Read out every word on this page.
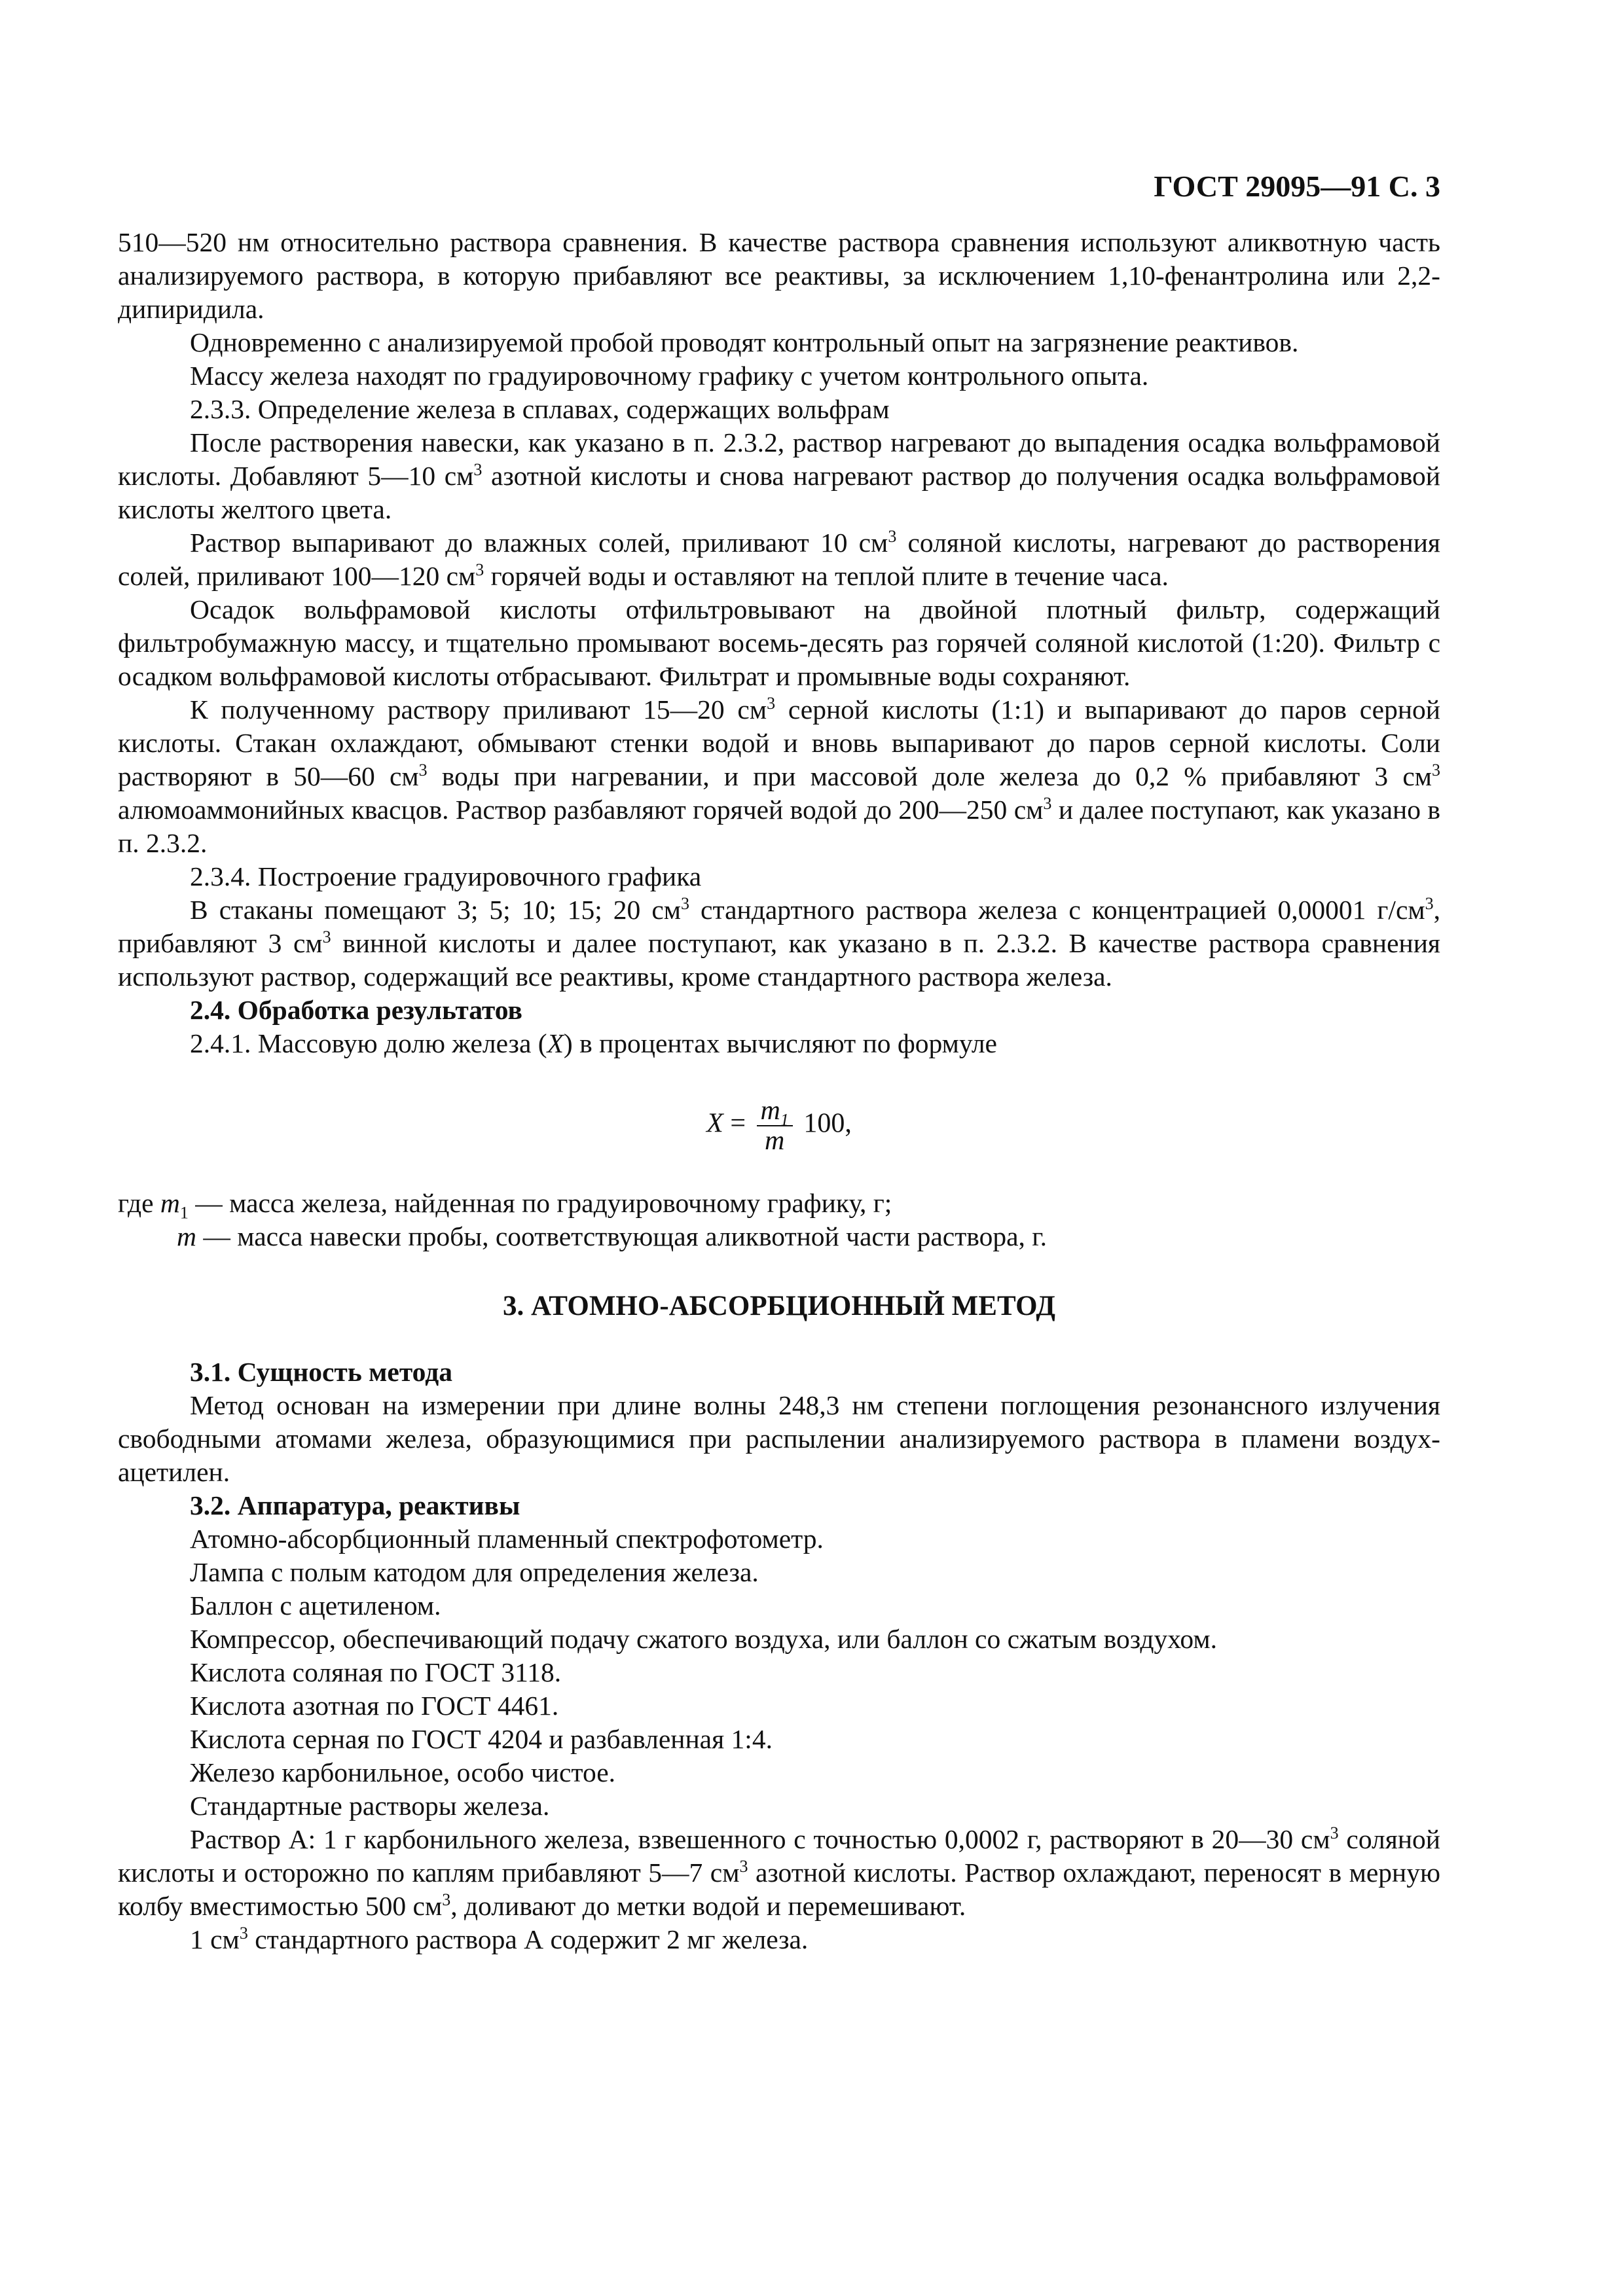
ГОСТ 29095—91 С. 3

510—520 нм относительно раствора сравнения. В качестве раствора сравнения используют аликвотную часть анализируемого раствора, в которую прибавляют все реактивы, за исключением 1,10-фенантролина или 2,2-дипиридила.

Одновременно с анализируемой пробой проводят контрольный опыт на загрязнение реактивов.

Массу железа находят по градуировочному графику с учетом контрольного опыта.

2.3.3. Определение железа в сплавах, содержащих вольфрам

После растворения навески, как указано в п. 2.3.2, раствор нагревают до выпадения осадка вольфрамовой кислоты. Добавляют 5—10 $см^3$ азотной кислоты и снова нагревают раствор до получения осадка вольфрамовой кислоты желтого цвета.

Раствор выпаривают до влажных солей, приливают 10 $см^3$ соляной кислоты, нагревают до растворения солей, приливают 100—120 $см^3$ горячей воды и оставляют на теплой плите в течение часа.

Осадок вольфрамовой кислоты отфильтровывают на двойной плотный фильтр, содержащий фильтробумажную массу, и тщательно промывают восемь-десять раз горячей соляной кислотой (1:20). Фильтр с осадком вольфрамовой кислоты отбрасывают. Фильтрат и промывные воды сохраняют.

К полученному раствору приливают 15—20 $см^3$ серной кислоты (1:1) и выпаривают до паров серной кислоты. Стакан охлаждают, обмывают стенки водой и вновь выпаривают до паров серной кислоты. Соли растворяют в 50—60 $см^3$ воды при нагревании, и при массовой доле железа до 0,2 % прибавляют 3 $см^3$ алюмоаммонийных квасцов. Раствор разбавляют горячей водой до 200—250 $см^3$ и далее поступают, как указано в п. 2.3.2.

2.3.4. Построение градуировочного графика

В стаканы помещают 3; 5; 10; 15; 20 $см^3$ стандартного раствора железа с концентрацией 0,00001 $г/см^3$, прибавляют 3 $см^3$ винной кислоты и далее поступают, как указано в п. 2.3.2. В качестве раствора сравнения используют раствор, содержащий все реактивы, кроме стандартного раствора железа.

2.4. Обработка результатов

2.4.1. Массовую долю железа (X) в процентах вычисляют по формуле

$X = \frac{m_1}{m} 100$,

где $m_1$ — масса железа, найденная по градуировочному графику, г;

m — масса навески пробы, соответствующая аликвотной части раствора, г.

3. АТОМНО-АБСОРБЦИОННЫЙ МЕТОД

3.1. Сущность метода

Метод основан на измерении при длине волны 248,3 нм степени поглощения резонансного излучения свободными атомами железа, образующимися при распылении анализируемого раствора в пламени воздух-ацетилен.

3.2. Аппаратура, реактивы

Атомно-абсорбционный пламенный спектрофотометр.

Лампа с полым катодом для определения железа.

Баллон с ацетиленом.

Компрессор, обеспечивающий подачу сжатого воздуха, или баллон со сжатым воздухом.

Кислота соляная по ГОСТ 3118.

Кислота азотная по ГОСТ 4461.

Кислота серная по ГОСТ 4204 и разбавленная 1:4.

Железо карбонильное, особо чистое.

Стандартные растворы железа.

Раствор А: 1 г карбонильного железа, взвешенного с точностью 0,0002 г, растворяют в 20—30 $см^3$ соляной кислоты и осторожно по каплям прибавляют 5—7 $см^3$ азотной кислоты. Раствор охлаждают, переносят в мерную колбу вместимостью 500 $см^3$, доливают до метки водой и перемешивают.

1 $см^3$ стандартного раствора А содержит 2 мг железа.
